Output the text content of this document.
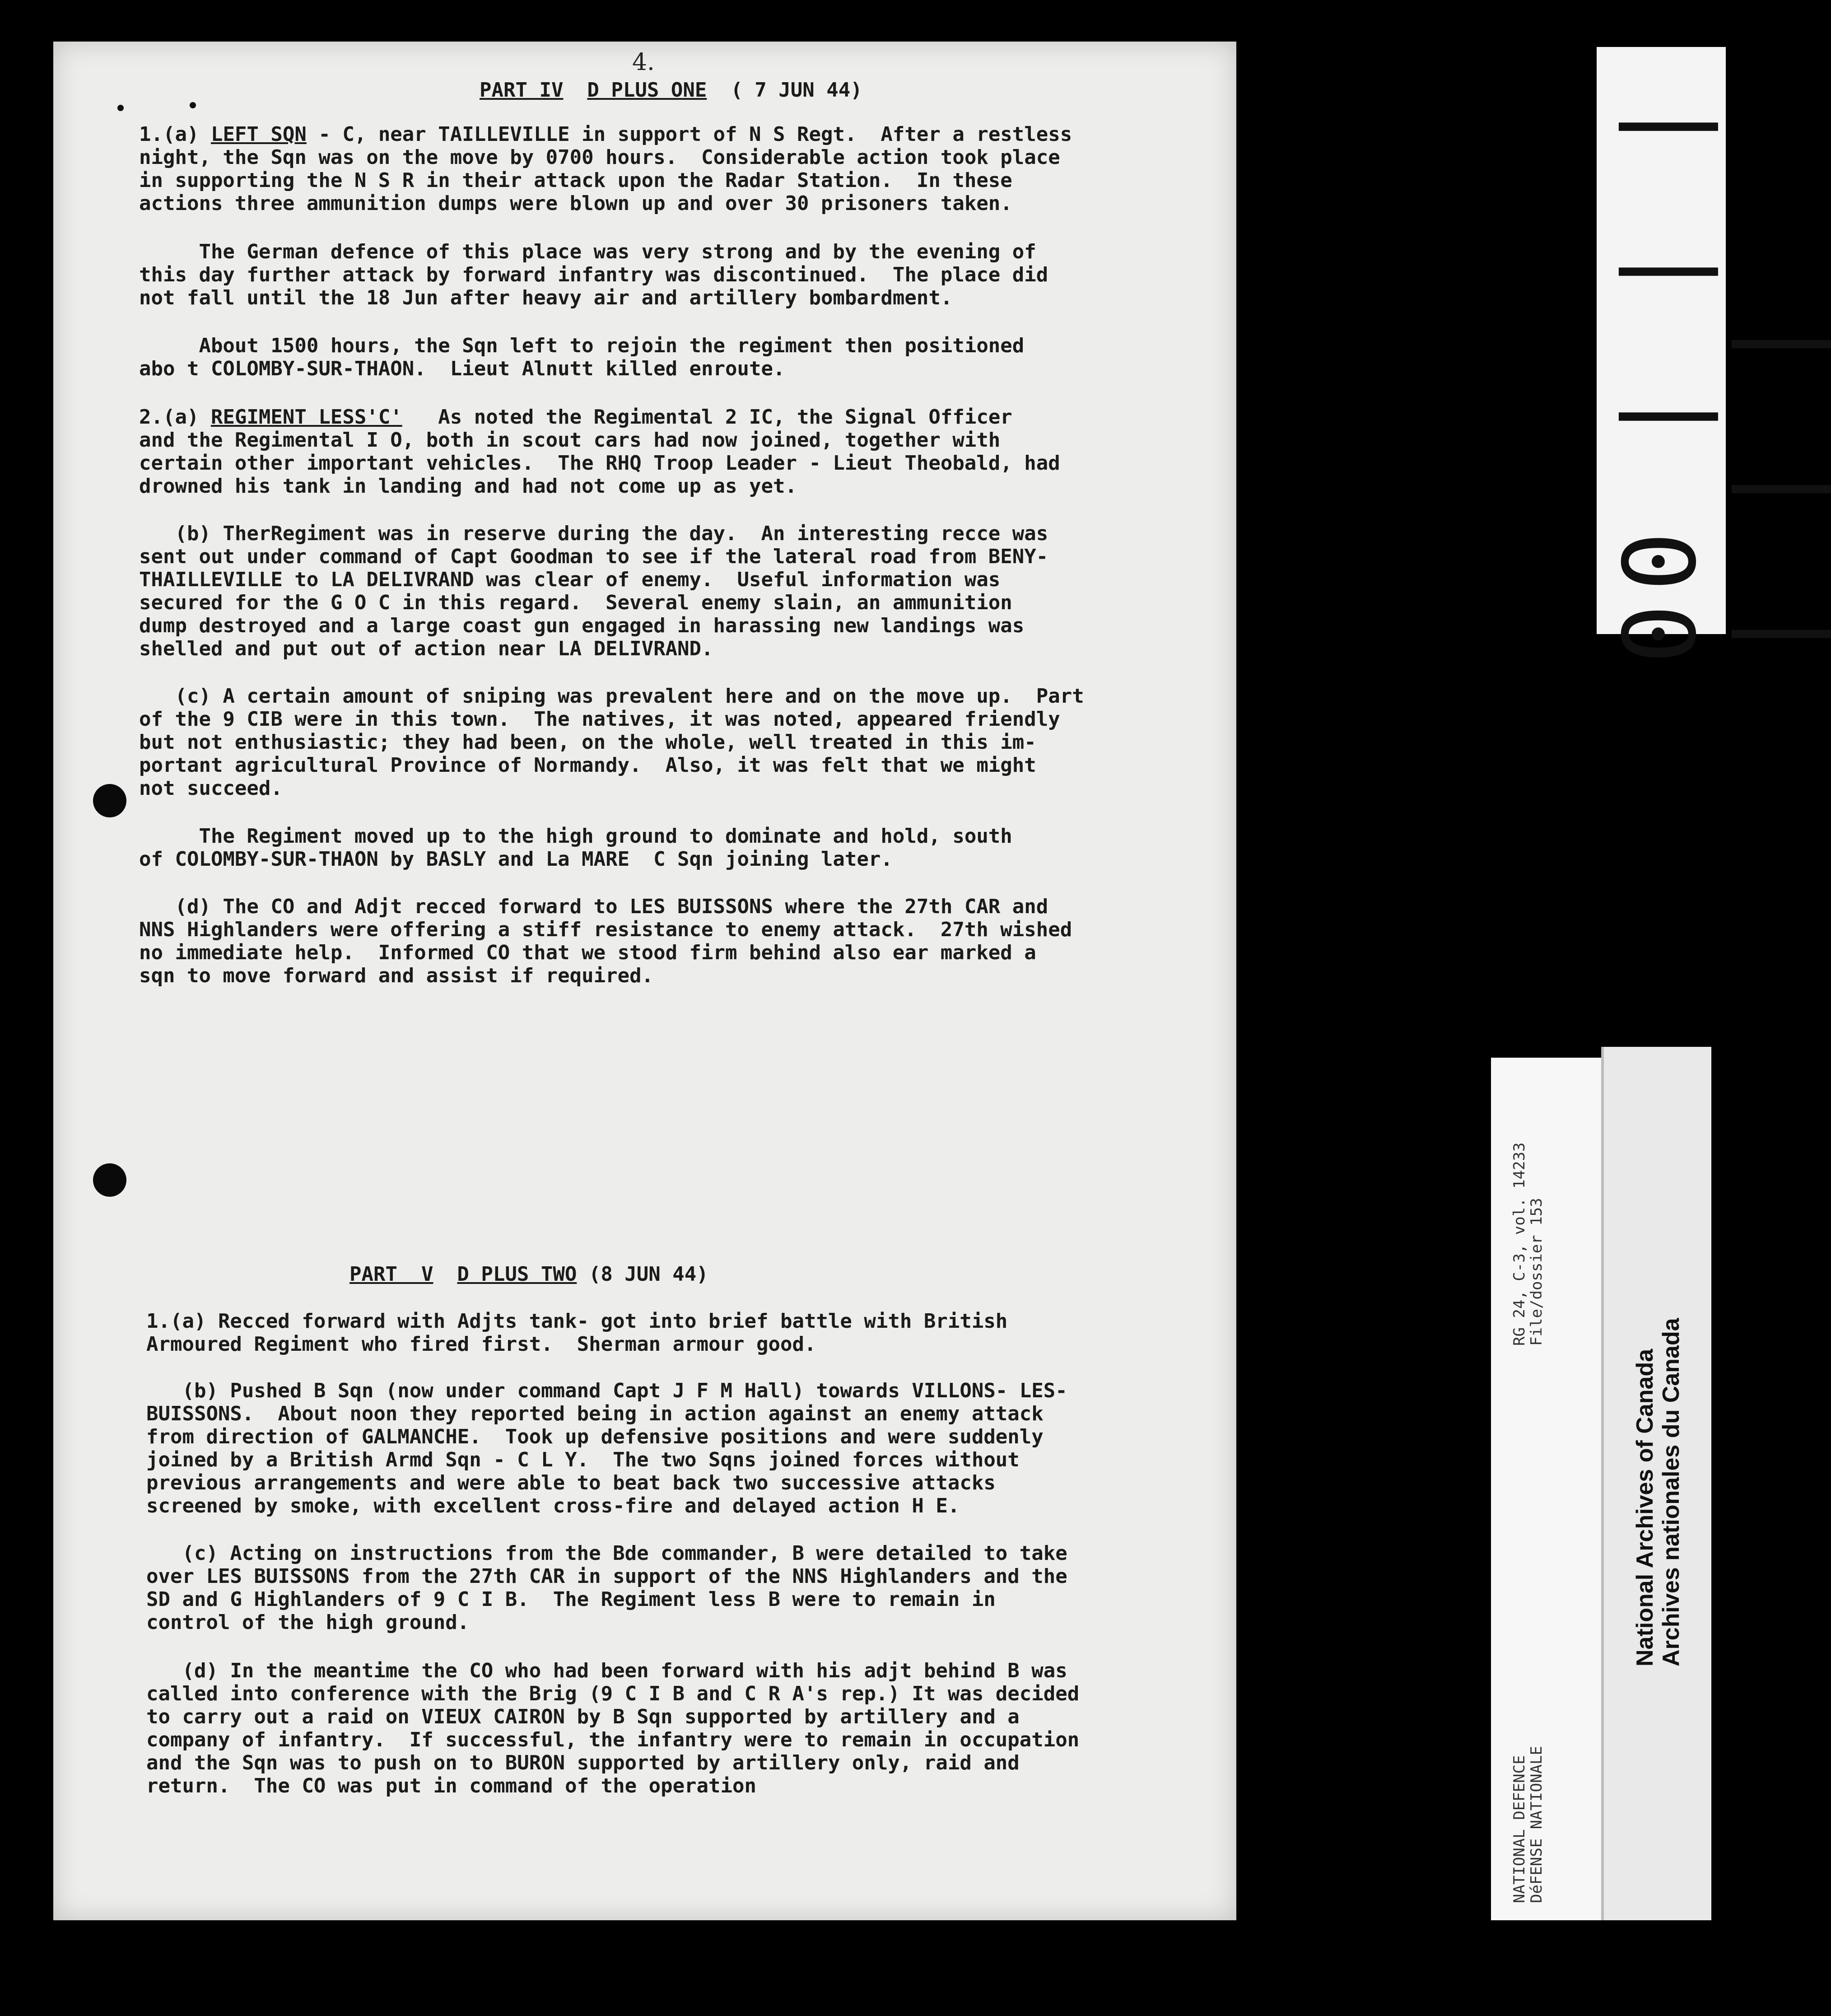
4.
PART IV D PLUS ONE ( 7 JUN 44)
1.(a) LEFT SQN - C, near TAILLEVILLE in support of N S Regt.  After a restless
night, the Sqn was on the move by 0700 hours.  Considerable action took place
in supporting the N S R in their attack upon the Radar Station.  In these
actions three ammunition dumps were blown up and over 30 prisoners taken.
The German defence of this place was very strong and by the evening of
this day further attack by forward infantry was discontinued.  The place did
not fall until the 18 Jun after heavy air and artillery bombardment.
About 1500 hours, the Sqn left to rejoin the regiment then positioned
abo t COLOMBY-SUR-THAON.  Lieut Alnutt killed enroute.
2.(a) REGIMENT LESS'C'   As noted the Regimental 2 IC, the Signal Officer
and the Regimental I O, both in scout cars had now joined, together with
certain other important vehicles.  The RHQ Troop Leader - Lieut Theobald, had
drowned his tank in landing and had not come up as yet.
(b) TherRegiment was in reserve during the day.  An interesting recce was
sent out under command of Capt Goodman to see if the lateral road from BENY-
THAILLEVILLE to LA DELIVRAND was clear of enemy.  Useful information was
secured for the G O C in this regard.  Several enemy slain, an ammunition
dump destroyed and a large coast gun engaged in harassing new landings was
shelled and put out of action near LA DELIVRAND.
(c) A certain amount of sniping was prevalent here and on the move up.  Part
of the 9 CIB were in this town.  The natives, it was noted, appeared friendly
but not enthusiastic; they had been, on the whole, well treated in this im-
portant agricultural Province of Normandy.  Also, it was felt that we might
not succeed.
The Regiment moved up to the high ground to dominate and hold, south
of COLOMBY-SUR-THAON by BASLY and La MARE  C Sqn joining later.
(d) The CO and Adjt recced forward to LES BUISSONS where the 27th CAR and
NNS Highlanders were offering a stiff resistance to enemy attack.  27th wished
no immediate help.  Informed CO that we stood firm behind also ear marked a
sqn to move forward and assist if required.
PART  V D PLUS TWO (8 JUN 44)
1.(a) Recced forward with Adjts tank- got into brief battle with British
Armoured Regiment who fired first.  Sherman armour good.
(b) Pushed B Sqn (now under command Capt J F M Hall) towards VILLONS- LES-
BUISSONS.  About noon they reported being in action against an enemy attack
from direction of GALMANCHE.  Took up defensive positions and were suddenly
joined by a British Armd Sqn - C L Y.  The two Sqns joined forces without
previous arrangements and were able to beat back two successive attacks
screened by smoke, with excellent cross-fire and delayed action H E.
(c) Acting on instructions from the Bde commander, B were detailed to take
over LES BUISSONS from the 27th CAR in support of the NNS Highlanders and the
SD and G Highlanders of 9 C I B.  The Regiment less B were to remain in
control of the high ground.
(d) In the meantime the CO who had been forward with his adjt behind B was
called into conference with the Brig (9 C I B and C R A's rep.) It was decided
to carry out a raid on VIEUX CAIRON by B Sqn supported by artillery and a
company of infantry.  If successful, the infantry were to remain in occupation
and the Sqn was to push on to BURON supported by artillery only, raid and
return.  The CO was put in command of the operation
00 | | | | | |
RG 24, C-3, vol. 14233
File/dossier 153
NATIONAL DEFENCE
DéFENSE NATIONALE
National Archives of Canada Archives nationales du Canada
